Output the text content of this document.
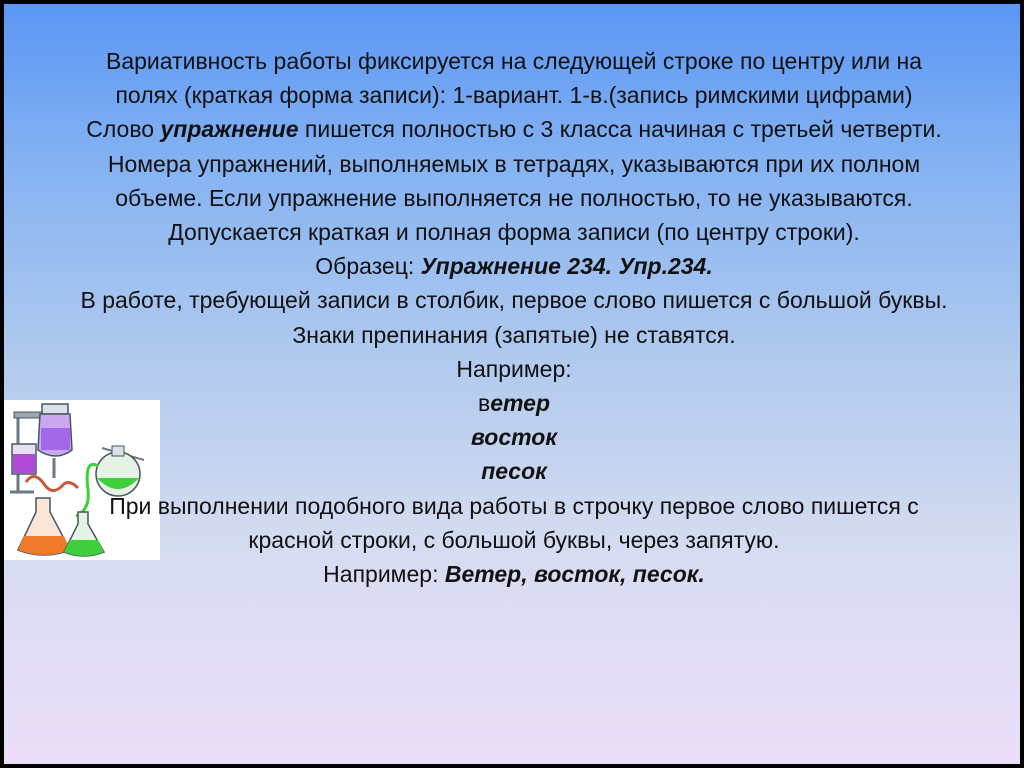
Вариативность работы фиксируется на следующей строке по центру или на полях (краткая форма записи): 1-вариант. 1-в.(запись римскими цифрами)

Слово упражнение пишется полностью с 3 класса начиная с третьей четверти. Номера упражнений, выполняемых в тетрадях, указываются при их полном объеме. Если упражнение выполняется не полностью, то не указываются. Допускается краткая и полная форма записи (по центру строки).

Образец: Упражнение 234. Упр.234.

В работе, требующей записи в столбик, первое слово пишется с большой буквы. Знаки препинания (запятые) не ставятся.

Например:

ветер

восток

песок

При выполнении подобного вида работы в строчку первое слово пишется с красной строки, с большой буквы, через запятую.

Например: Ветер, восток, песок.
